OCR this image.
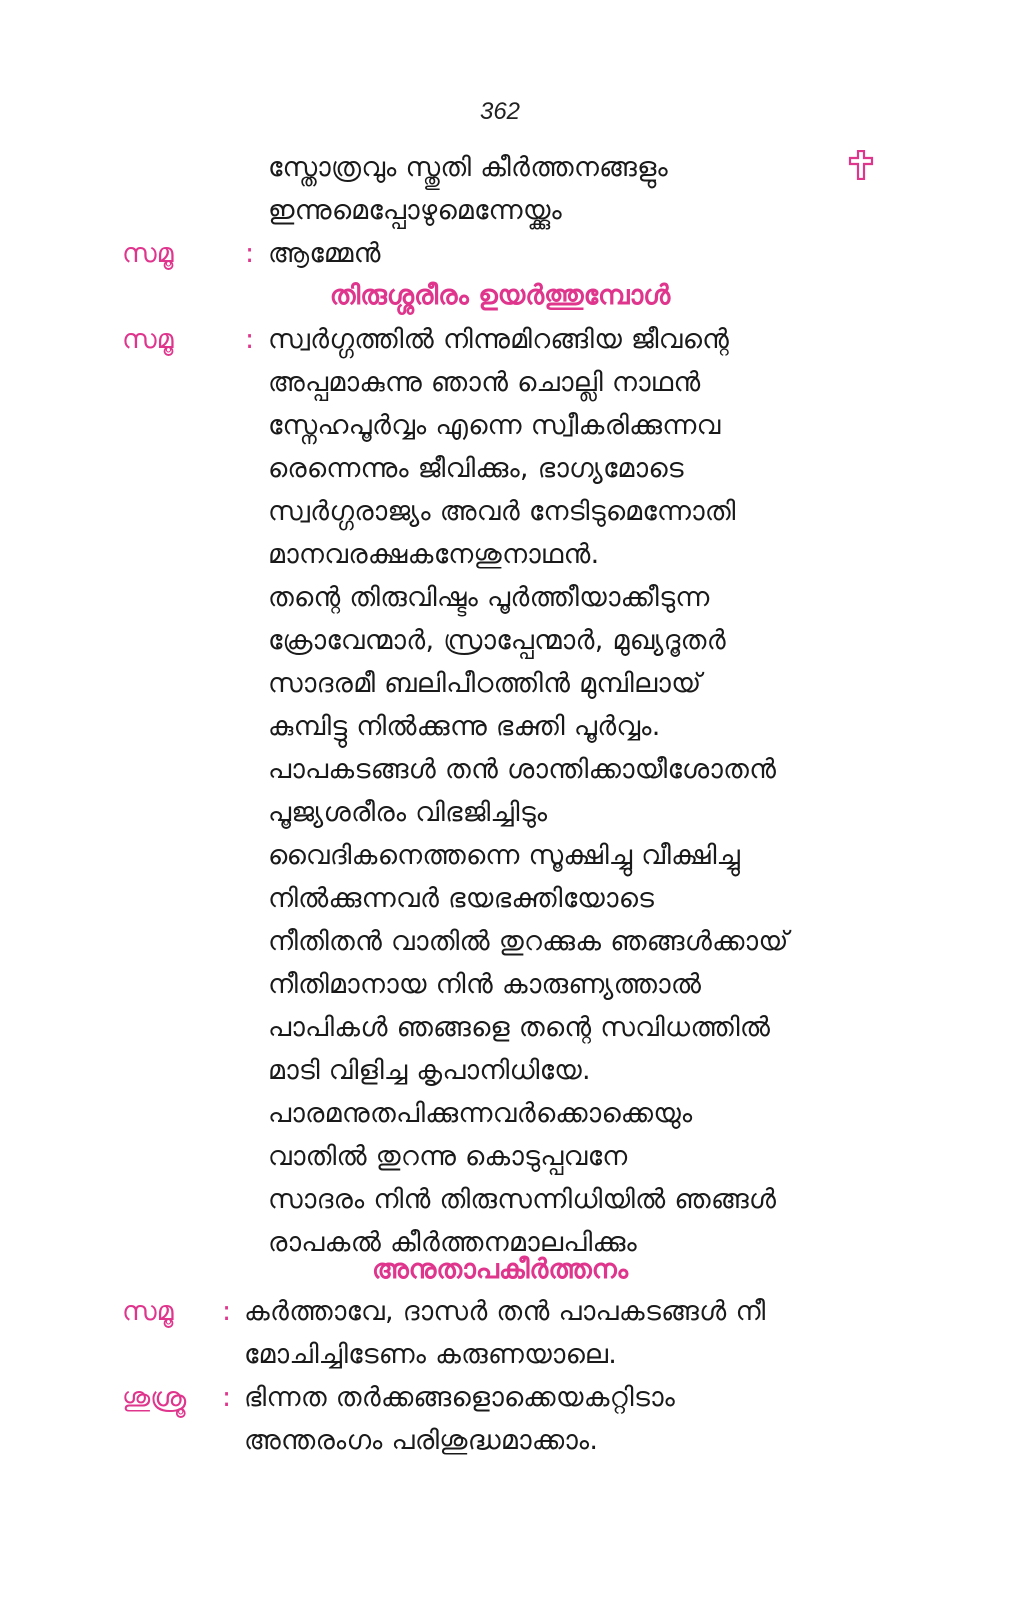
362
സ്തോത്രവും സ്തുതി കീർത്തനങ്ങളും
ഇന്നുമെപ്പോഴുമെന്നേയ്ക്കും
സമൂ	: ആമ്മേൻ
തിരുശ്ശരീരം ഉയർത്തുമ്പോൾ
സമൂ	: സ്വർഗ്ഗത്തിൽ നിന്നുമിറങ്ങിയ ജീവന്റെ
അപ്പമാകുന്നു ഞാൻ ചൊല്ലി നാഥൻ
സ്നേഹപൂർവ്വം എന്നെ സ്വീകരിക്കുന്നവ
രെന്നെന്നും ജീവിക്കും, ഭാഗ്യമോടെ
സ്വർഗ്ഗരാജ്യം അവർ നേടിടുമെന്നോതി
മാനവരക്ഷകനേശുനാഥൻ.
തന്റെ തിരുവിഷ്ടം പൂർത്തീയാക്കീടുന്ന
ക്രോവേന്മാർ, സ്രാപ്പേന്മാർ, മുഖ്യദൂതർ
സാദരമീ ബലിപീഠത്തിൻ മുമ്പിലായ്
കുമ്പിട്ടു നിൽക്കുന്നു ഭക്തി പൂർവ്വം.
പാപകടങ്ങൾ തൻ ശാന്തിക്കായീശോതൻ
പൂജ്യശരീരം വിഭജിച്ചിടും
വൈദികനെത്തന്നെ സൂക്ഷിച്ചു വീക്ഷിച്ചു
നിൽക്കുന്നവർ ഭയഭക്തിയോടെ
നീതിതൻ വാതിൽ തുറക്കുക ഞങ്ങൾക്കായ്
നീതിമാനായ നിൻ കാരുണ്യത്താൽ
പാപികൾ ഞങ്ങളെ തന്റെ സവിധത്തിൽ
മാടി വിളിച്ച കൃപാനിധിയേ.
പാരമനുതപിക്കുന്നവർക്കൊക്കെയും
വാതിൽ തുറന്നു കൊടുപ്പവനേ
സാദരം നിൻ തിരുസന്നിധിയിൽ ഞങ്ങൾ
രാപകൽ കീർത്തനമാലപിക്കും
അനുതാപകീർത്തനം
സമൂ : കർത്താവേ, ദാസർ തൻ പാപകടങ്ങൾ നീ
മോചിച്ചിടേണം കരുണയാലെ.
ശുശ്രൂ : ഭിന്നത തർക്കങ്ങളൊക്കെയകറ്റിടാം
അന്തരംഗം പരിശുദ്ധമാക്കാം.
